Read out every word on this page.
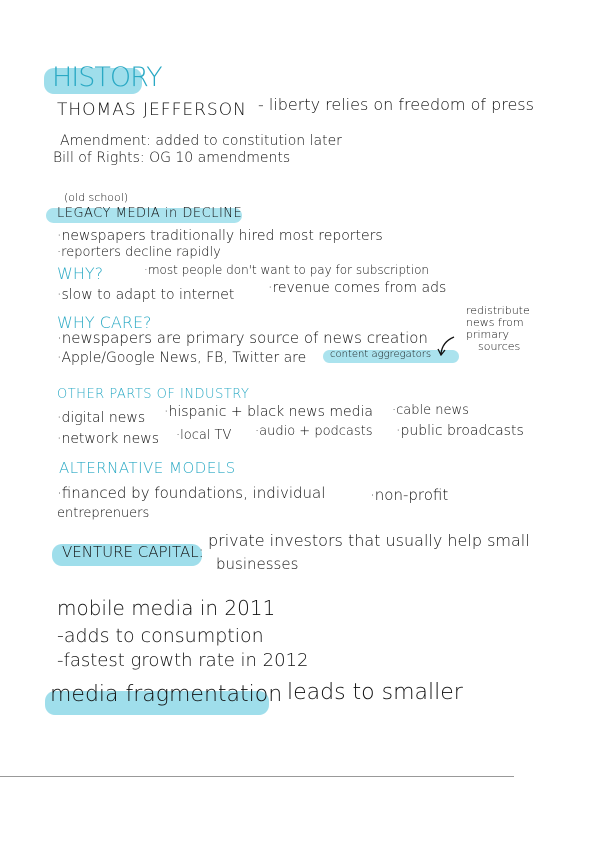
HISTORY
THOMAS JEFFERSON - liberty relies on freedom of press
Amendment: added to constitution later
Bill of Rights: OG 10 amendments
(old school)
LEGACY MEDIA in DECLINE
·newspapers traditionally hired most reporters
·reporters decline rapidly
WHY?	·most people don't want to pay for subscription
·slow to adapt to internet ·revenue comes from ads
WHY CARE?
·newspapers are primary source of news creation
·Apple/Google News, FB, Twitter are content aggregators
redistribute
news from
primary
sources
OTHER PARTS OF INDUSTRY
·digital news ·hispanic + black news media ·cable news
·network news ·local TV ·audio + podcasts ·public broadcasts
ALTERNATIVE MODELS
·financed by foundations, individual
entreprenuers
·non-profit
VENTURE CAPITAL:
private investors that usually help small
businesses
mobile media in 2011
-adds to consumption
-fastest growth rate in 2012
media fragmentation leads to smaller
